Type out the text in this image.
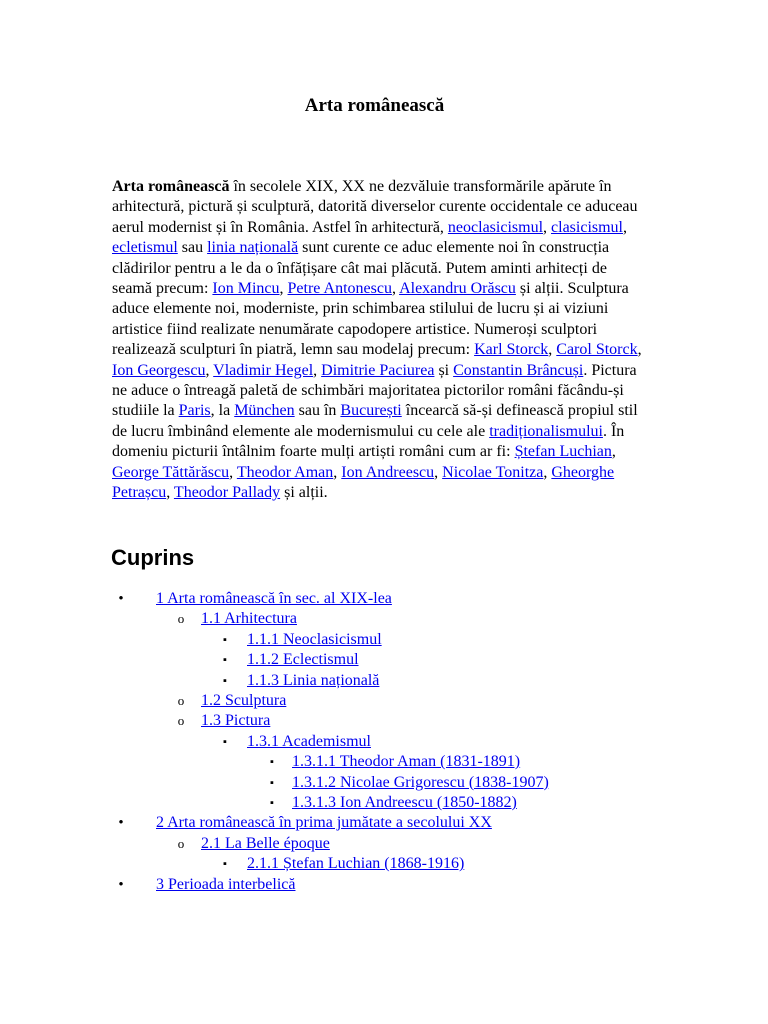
Arta românească

Arta românească în secolele XIX, XX ne dezvăluie transformările apărute în arhitectură, pictură și sculptură, datorită diverselor curente occidentale ce aduceau aerul modernist și în România. Astfel în arhitectură, neoclasicismul, clasicismul, ecletismul sau linia națională sunt curente ce aduc elemente noi în construcția clădirilor pentru a le da o înfățișare cât mai plăcută. Putem aminti arhitecți de seamă precum: Ion Mincu, Petre Antonescu, Alexandru Orăscu și alții. Sculptura aduce elemente noi, moderniste, prin schimbarea stilului de lucru și ai viziuni artistice fiind realizate nenumărate capodopere artistice. Numeroși sculptori realizează sculpturi în piatră, lemn sau modelaj precum: Karl Storck, Carol Storck, Ion Georgescu, Vladimir Hegel, Dimitrie Paciurea și Constantin Brâncuși. Pictura ne aduce o întreagă paletă de schimbări majoritatea pictorilor români făcându-și studiile la Paris, la München sau în București încearcă să-și definească propiul stil de lucru îmbinând elemente ale modernismului cu cele ale tradiționalismului. În domeniu picturii întâlnim foarte mulți artiști români cum ar fi: Ștefan Luchian, George Tăttărăscu, Theodor Aman, Ion Andreescu, Nicolae Tonitza, Gheorghe Petrașcu, Theodor Pallady și alții.

Cuprins
•
1 Arta românească în sec. al XIX-lea
o
1.1 Arhitectura
▪
1.1.1 Neoclasicismul
▪
1.1.2 Eclectismul
▪
1.1.3 Linia națională
o
1.2 Sculptura
o
1.3 Pictura
▪
1.3.1 Academismul
▪
1.3.1.1 Theodor Aman (1831-1891)
▪
1.3.1.2 Nicolae Grigorescu (1838-1907)
▪
1.3.1.3 Ion Andreescu (1850-1882)
•
2 Arta românească în prima jumătate a secolului XX
o
2.1 La Belle époque
▪
2.1.1 Ștefan Luchian (1868-1916)
•
3 Perioada interbelică
